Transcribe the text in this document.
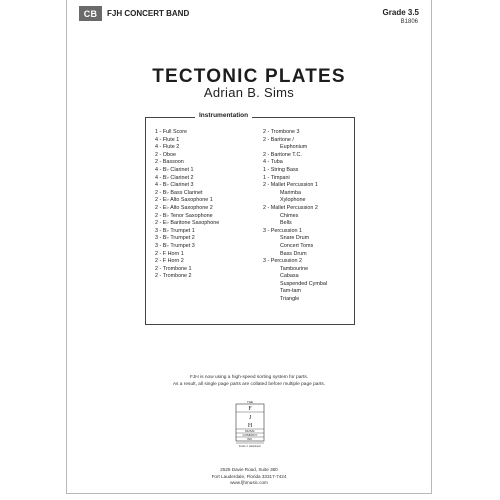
CB	FJH CONCERT BAND	Grade 3.5
B1806
TECTONIC PLATES
Adrian B. Sims
Instrumentation
1 - Full Score
4 - Flute 1
4 - Flute 2
2 - Oboe
2 - Bassoon
4 - B♭ Clarinet 1
4 - B♭ Clarinet 2
4 - B♭ Clarinet 3
2 - B♭ Bass Clarinet
2 - E♭ Alto Saxophone 1
2 - E♭ Alto Saxophone 2
2 - B♭ Tenor Saxophone
2 - E♭ Baritone Saxophone
3 - B♭ Trumpet 1
3 - B♭ Trumpet 2
3 - B♭ Trumpet 3
2 - F Horn 1
2 - F Horn 2
2 - Trombone 1
2 - Trombone 2
2 - Trombone 3
2 - Baritone /
Euphonium
2 - Baritone T.C.
4 - Tuba
1 - String Bass
1 - Timpani
2 - Mallet Percussion 1
Marimba
Xylophone
2 - Mallet Percussion 2
Chimes
Bells
3 - Percussion 1
Snare Drum
Concert Toms
Bass Drum
3 - Percussion 2
Tambourine
Cabasa
Suspended Cymbal
Tam-tam
Triangle
FJH is now using a high-speed sorting system for parts.
As a result, all single page parts are collated before multiple page parts.
THE
F
J
H
MUSIC
COMPANY
INC.
Frank J. Hackinson
2525 Davie Road, Suite 360
Fort Lauderdale, Florida 33317-7424
www.fjhmusic.com
